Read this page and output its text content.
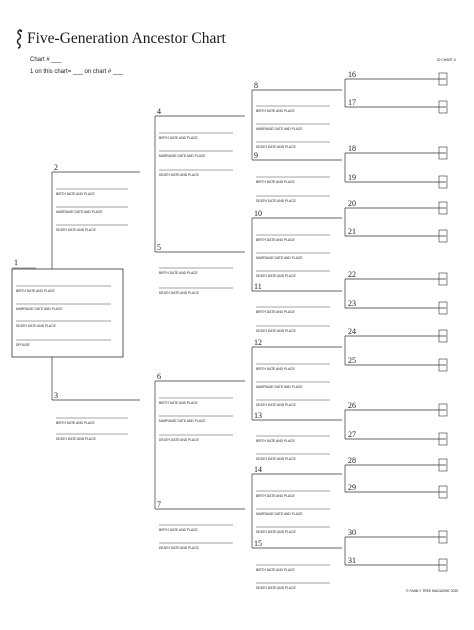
Five-Generation Ancestor Chart
Chart # ___
1 on this chart= ___ on chart # ___
ID CHART #
© FAMILY TREE MAGAZINE 2020
1
BIRTH DATE AND PLACE
MARRIAGE DATE AND PLACE
DEATH DATE AND PLACE
SPOUSE
2
BIRTH DATE AND PLACE
MARRIAGE DATE AND PLACE
DEATH DATE AND PLACE
3
BIRTH DATE AND PLACE
DEATH DATE AND PLACE
4
BIRTH DATE AND PLACE
MARRIAGE DATE AND PLACE
DEATH DATE AND PLACE
5
BIRTH DATE AND PLACE
DEATH DATE AND PLACE
6
BIRTH DATE AND PLACE
MARRIAGE DATE AND PLACE
DEATH DATE AND PLACE
7
BIRTH DATE AND PLACE
DEATH DATE AND PLACE
8
BIRTH DATE AND PLACE
MARRIAGE DATE AND PLACE
DEATH DATE AND PLACE
9
BIRTH DATE AND PLACE
DEATH DATE AND PLACE
10
BIRTH DATE AND PLACE
MARRIAGE DATE AND PLACE
DEATH DATE AND PLACE
11
BIRTH DATE AND PLACE
DEATH DATE AND PLACE
12
BIRTH DATE AND PLACE
MARRIAGE DATE AND PLACE
DEATH DATE AND PLACE
13
BIRTH DATE AND PLACE
DEATH DATE AND PLACE
14
BIRTH DATE AND PLACE
MARRIAGE DATE AND PLACE
DEATH DATE AND PLACE
15
BIRTH DATE AND PLACE
DEATH DATE AND PLACE
16
17
18
19
20
21
22
23
24
25
26
27
28
29
30
31
